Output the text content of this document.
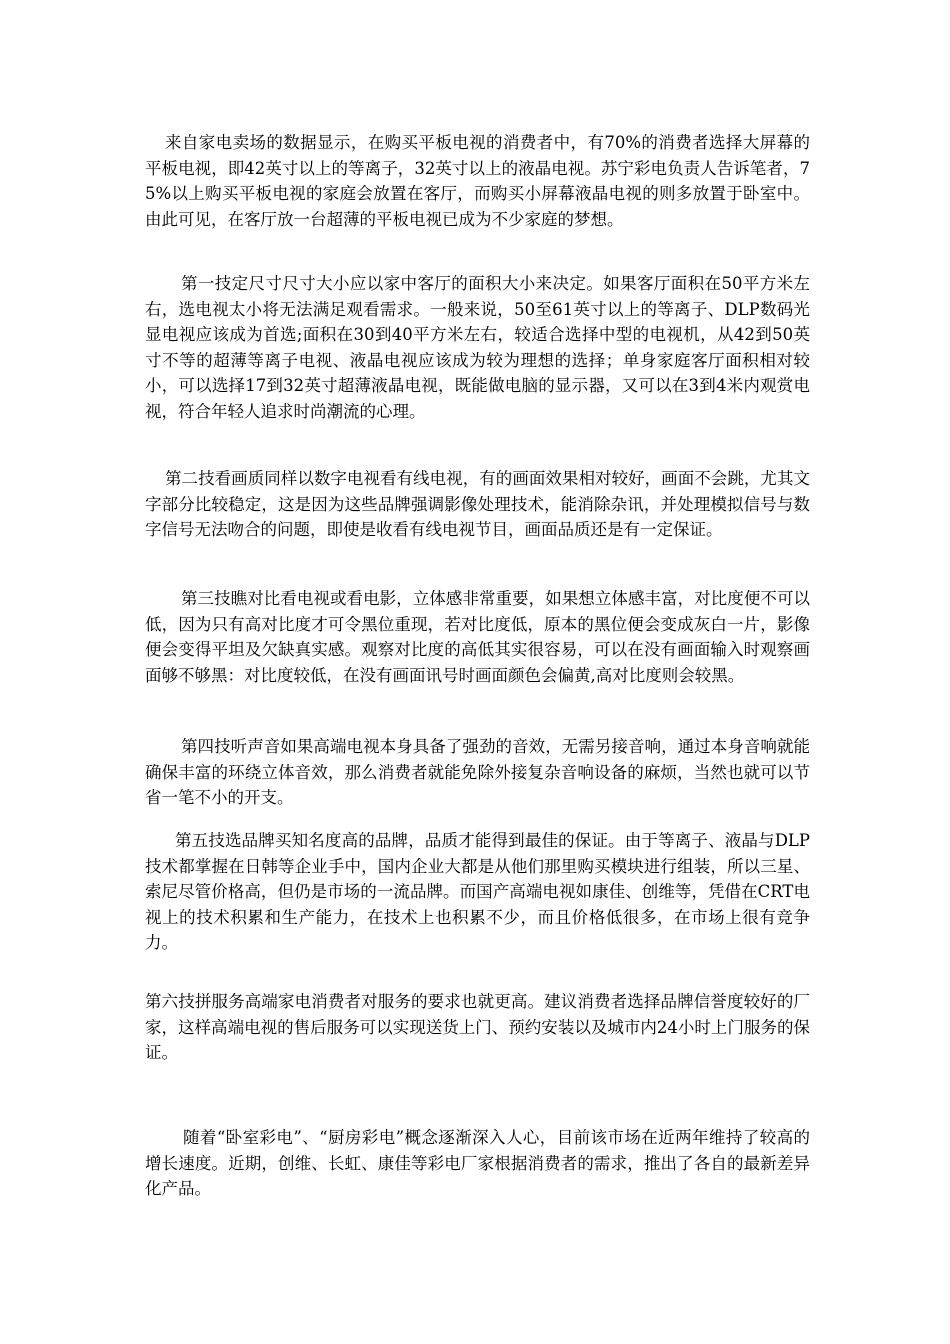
来自家电卖场的数据显示，在购买平板电视的消费者中，有70%的消费者选择大屏幕的平板电视，即42英寸以上的等离子，32英寸以上的液晶电视。苏宁彩电负责人告诉笔者，75%以上购买平板电视的家庭会放置在客厅，而购买小屏幕液晶电视的则多放置于卧室中。由此可见，在客厅放一台超薄的平板电视已成为不少家庭的梦想。

第一技定尺寸尺寸大小应以家中客厅的面积大小来决定。如果客厅面积在50平方米左右，选电视太小将无法满足观看需求。一般来说，50至61英寸以上的等离子、DLP数码光显电视应该成为首选;面积在30到40平方米左右，较适合选择中型的电视机，从42到50英寸不等的超薄等离子电视、液晶电视应该成为较为理想的选择；单身家庭客厅面积相对较小，可以选择17到32英寸超薄液晶电视，既能做电脑的显示器，又可以在3到4米内观赏电视，符合年轻人追求时尚潮流的心理。

第二技看画质同样以数字电视看有线电视，有的画面效果相对较好，画面不会跳，尤其文字部分比较稳定，这是因为这些品牌强调影像处理技术，能消除杂讯，并处理模拟信号与数字信号无法吻合的问题，即使是收看有线电视节目，画面品质还是有一定保证。

第三技瞧对比看电视或看电影，立体感非常重要，如果想立体感丰富，对比度便不可以低，因为只有高对比度才可令黑位重现，若对比度低，原本的黑位便会变成灰白一片，影像便会变得平坦及欠缺真实感。观察对比度的高低其实很容易，可以在没有画面输入时观察画面够不够黑：对比度较低，在没有画面讯号时画面颜色会偏黄,高对比度则会较黑。

第四技听声音如果高端电视本身具备了强劲的音效，无需另接音响，通过本身音响就能确保丰富的环绕立体音效，那么消费者就能免除外接复杂音响设备的麻烦，当然也就可以节省一笔不小的开支。

第五技选品牌买知名度高的品牌，品质才能得到最佳的保证。由于等离子、液晶与DLP技术都掌握在日韩等企业手中，国内企业大都是从他们那里购买模块进行组装，所以三星、索尼尽管价格高，但仍是市场的一流品牌。而国产高端电视如康佳、创维等，凭借在CRT电视上的技术积累和生产能力，在技术上也积累不少，而且价格低很多，在市场上很有竞争力。

第六技拼服务高端家电消费者对服务的要求也就更高。建议消费者选择品牌信誉度较好的厂家，这样高端电视的售后服务可以实现送货上门、预约安装以及城市内24小时上门服务的保证。

随着“卧室彩电”、“厨房彩电”概念逐渐深入人心，目前该市场在近两年维持了较高的增长速度。近期，创维、长虹、康佳等彩电厂家根据消费者的需求，推出了各自的最新差异化产品。
